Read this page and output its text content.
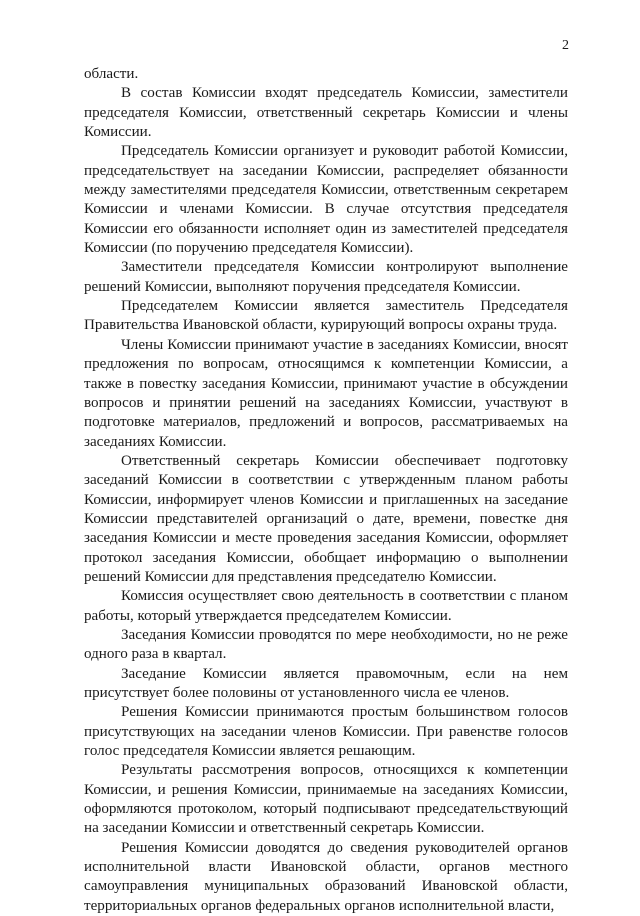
2

области.

В состав Комиссии входят председатель Комиссии, заместители председателя Комиссии, ответственный секретарь Комиссии и члены Комиссии.

Председатель Комиссии организует и руководит работой Комиссии, председательствует на заседании Комиссии, распределяет обязанности между заместителями председателя Комиссии, ответственным секретарем Комиссии и членами Комиссии. В случае отсутствия председателя Комиссии его обязанности исполняет один из заместителей председателя Комиссии (по поручению председателя Комиссии).

Заместители председателя Комиссии контролируют выполнение решений Комиссии, выполняют поручения председателя Комиссии.

Председателем Комиссии является заместитель Председателя Правительства Ивановской области, курирующий вопросы охраны труда.

Члены Комиссии принимают участие в заседаниях Комиссии, вносят предложения по вопросам, относящимся к компетенции Комиссии, а также в повестку заседания Комиссии, принимают участие в обсуждении вопросов и принятии решений на заседаниях Комиссии, участвуют в подготовке материалов, предложений и вопросов, рассматриваемых на заседаниях Комиссии.

Ответственный секретарь Комиссии обеспечивает подготовку заседаний Комиссии в соответствии с утвержденным планом работы Комиссии, информирует членов Комиссии и приглашенных на заседание Комиссии представителей организаций о дате, времени, повестке дня заседания Комиссии и месте проведения заседания Комиссии, оформляет протокол заседания Комиссии, обобщает информацию о выполнении решений Комиссии для представления председателю Комиссии.

Комиссия осуществляет свою деятельность в соответствии с планом работы, который утверждается председателем Комиссии.

Заседания Комиссии проводятся по мере необходимости, но не реже одного раза в квартал.

Заседание Комиссии является правомочным, если на нем присутствует более половины от установленного числа ее членов.

Решения Комиссии принимаются простым большинством голосов присутствующих на заседании членов Комиссии. При равенстве голосов голос председателя Комиссии является решающим.

Результаты рассмотрения вопросов, относящихся к компетенции Комиссии, и решения Комиссии, принимаемые на заседаниях Комиссии, оформляются протоколом, который подписывают председательствующий на заседании Комиссии и ответственный секретарь Комиссии.

Решения Комиссии доводятся до сведения руководителей органов исполнительной власти Ивановской области, органов местного самоуправления муниципальных образований Ивановской области, территориальных органов федеральных органов исполнительной власти,
